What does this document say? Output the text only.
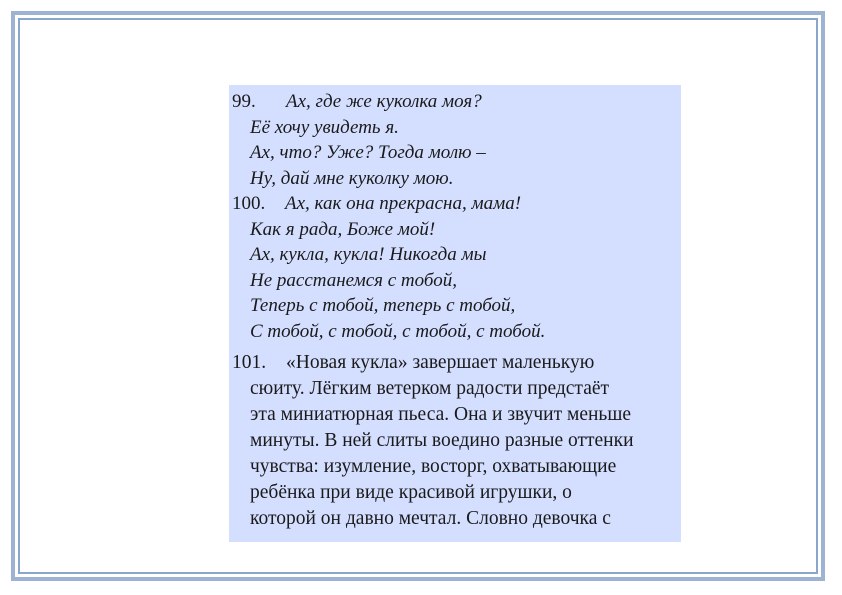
99. Ах, где же куколка моя?
Её хочу увидеть я.
Ах, что? Уже? Тогда молю –
Ну, дай мне куколку мою.
100. Ах, как она прекрасна, мама!
Как я рада, Боже мой!
Ах, кукла, кукла! Никогда мы
Не расстанемся с тобой,
Теперь с тобой, теперь с тобой,
С тобой, с тобой, с тобой, с тобой.
101. «Новая кукла» завершает маленькую
сюиту. Лёгким ветерком радости предстаёт
эта миниатюрная пьеса. Она и звучит меньше
минуты. В ней слиты воедино разные оттенки
чувства: изумление, восторг, охватывающие
ребёнка при виде красивой игрушки, о
которой он давно мечтал. Словно девочка с
